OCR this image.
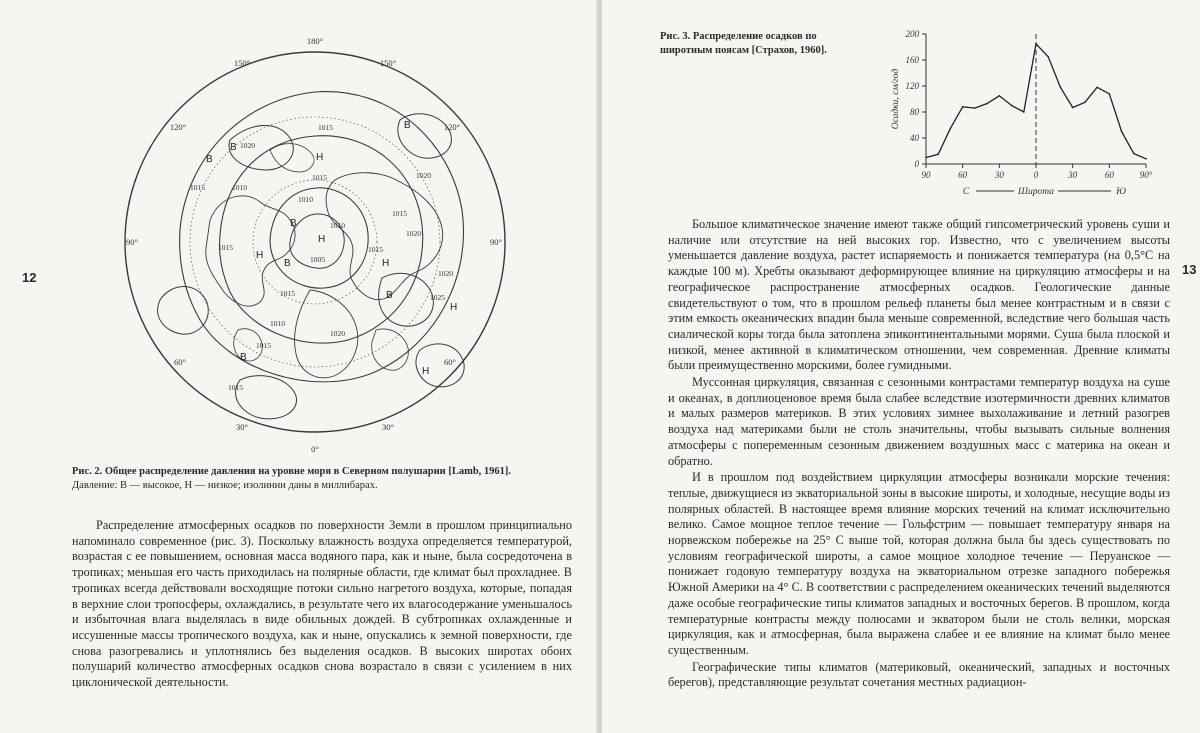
12
13
180°
150°	150°
120°	120°
90°	90°
60°	60°
30°	30°
0°
1015	1010
1015
1020
1015
1010
1015
1020
1020
1015
1010
1005
1015
1010
1015
1020
1015
1020
1025
1015
В
Н
В
В
Н
В	Н
В
Н
В
Н
В
Н
Рис. 2. Общее распределение давления на уровне моря в Северном полушарии [Lamb, 1961].
Давление: В — высокое, Н — низкое; изолинии даны в миллибарах.
Рис. 3. Распределение осадков по широтным поясам [Страхов, 1960].
0
40
80
120
160
200
90	60	30	0	30	60	90°
Осадки, см/год
Широта
С	Ю

Распределение атмосферных осадков по поверхности Земли в прошлом принципиально напоминало современное (рис. 3). Поскольку влажность воздуха определяется температурой, возрастая с ее повышением, основная масса водяного пара, как и ныне, была сосредоточена в тропиках; меньшая его часть приходилась на полярные области, где климат был прохладнее. В тропиках всегда действовали восходящие потоки сильно нагретого воздуха, которые, попадая в верхние слои тропосферы, охлаждались, в результате чего их влагосодержание уменьшалось и избыточная влага выделялась в виде обильных дождей. В субтропиках охлажденные и иссушенные массы тропического воздуха, как и ныне, опускались к земной поверхности, где снова разогревались и уплотнялись без выделения осадков. В высоких широтах обоих полушарий количество атмосферных осадков снова возрастало в связи с усилением в них циклонической деятельности.

Большое климатическое значение имеют также общий гипсометрический уровень суши и наличие или отсутствие на ней высоких гор. Известно, что с увеличением высоты уменьшается давление воздуха, растет испаряемость и понижается температура (на 0,5°С на каждые 100 м). Хребты оказывают деформирующее влияние на циркуляцию атмосферы и на географическое распространение атмосферных осадков. Геологические данные свидетельствуют о том, что в прошлом рельеф планеты был менее контрастным и в связи с этим емкость океанических впадин была меньше современной, вследствие чего большая часть сиалической коры тогда была затоплена эпиконтинентальными морями. Суша была плоской и низкой, менее активной в климатическом отношении, чем современная. Древние климаты были преимущественно морскими, более гумидными.

Муссонная циркуляция, связанная с сезонными контрастами температур воздуха на суше и океанах, в доплиоценовое время была слабее вследствие изотермичности древних климатов и малых размеров материков. В этих условиях зимнее выхолаживание и летний разогрев воздуха над материками были не столь значительны, чтобы вызывать сильные волнения атмосферы с попеременным сезонным движением воздушных масс с материка на океан и обратно.

И в прошлом под воздействием циркуляции атмосферы возникали морские течения: теплые, движущиеся из экваториальной зоны в высокие широты, и холодные, несущие воды из полярных областей. В настоящее время влияние морских течений на климат исключительно велико. Самое мощное теплое течение — Гольфстрим — повышает температуру января на норвежском побережье на 25° С выше той, которая должна была бы здесь существовать по условиям географической широты, а самое мощное холодное течение — Перуанское — понижает годовую температуру воздуха на экваториальном отрезке западного побережья Южной Америки на 4° С. В соответствии с распределением океанических течений выделяются даже особые географические типы климатов западных и восточных берегов. В прошлом, когда температурные контрасты между полюсами и экватором были не столь велики, морская циркуляция, как и атмосферная, была выражена слабее и ее влияние на климат было менее существенным.

Географические типы климатов (материковый, океанический, западных и восточных берегов), представляющие результат сочетания местных радиацион-
